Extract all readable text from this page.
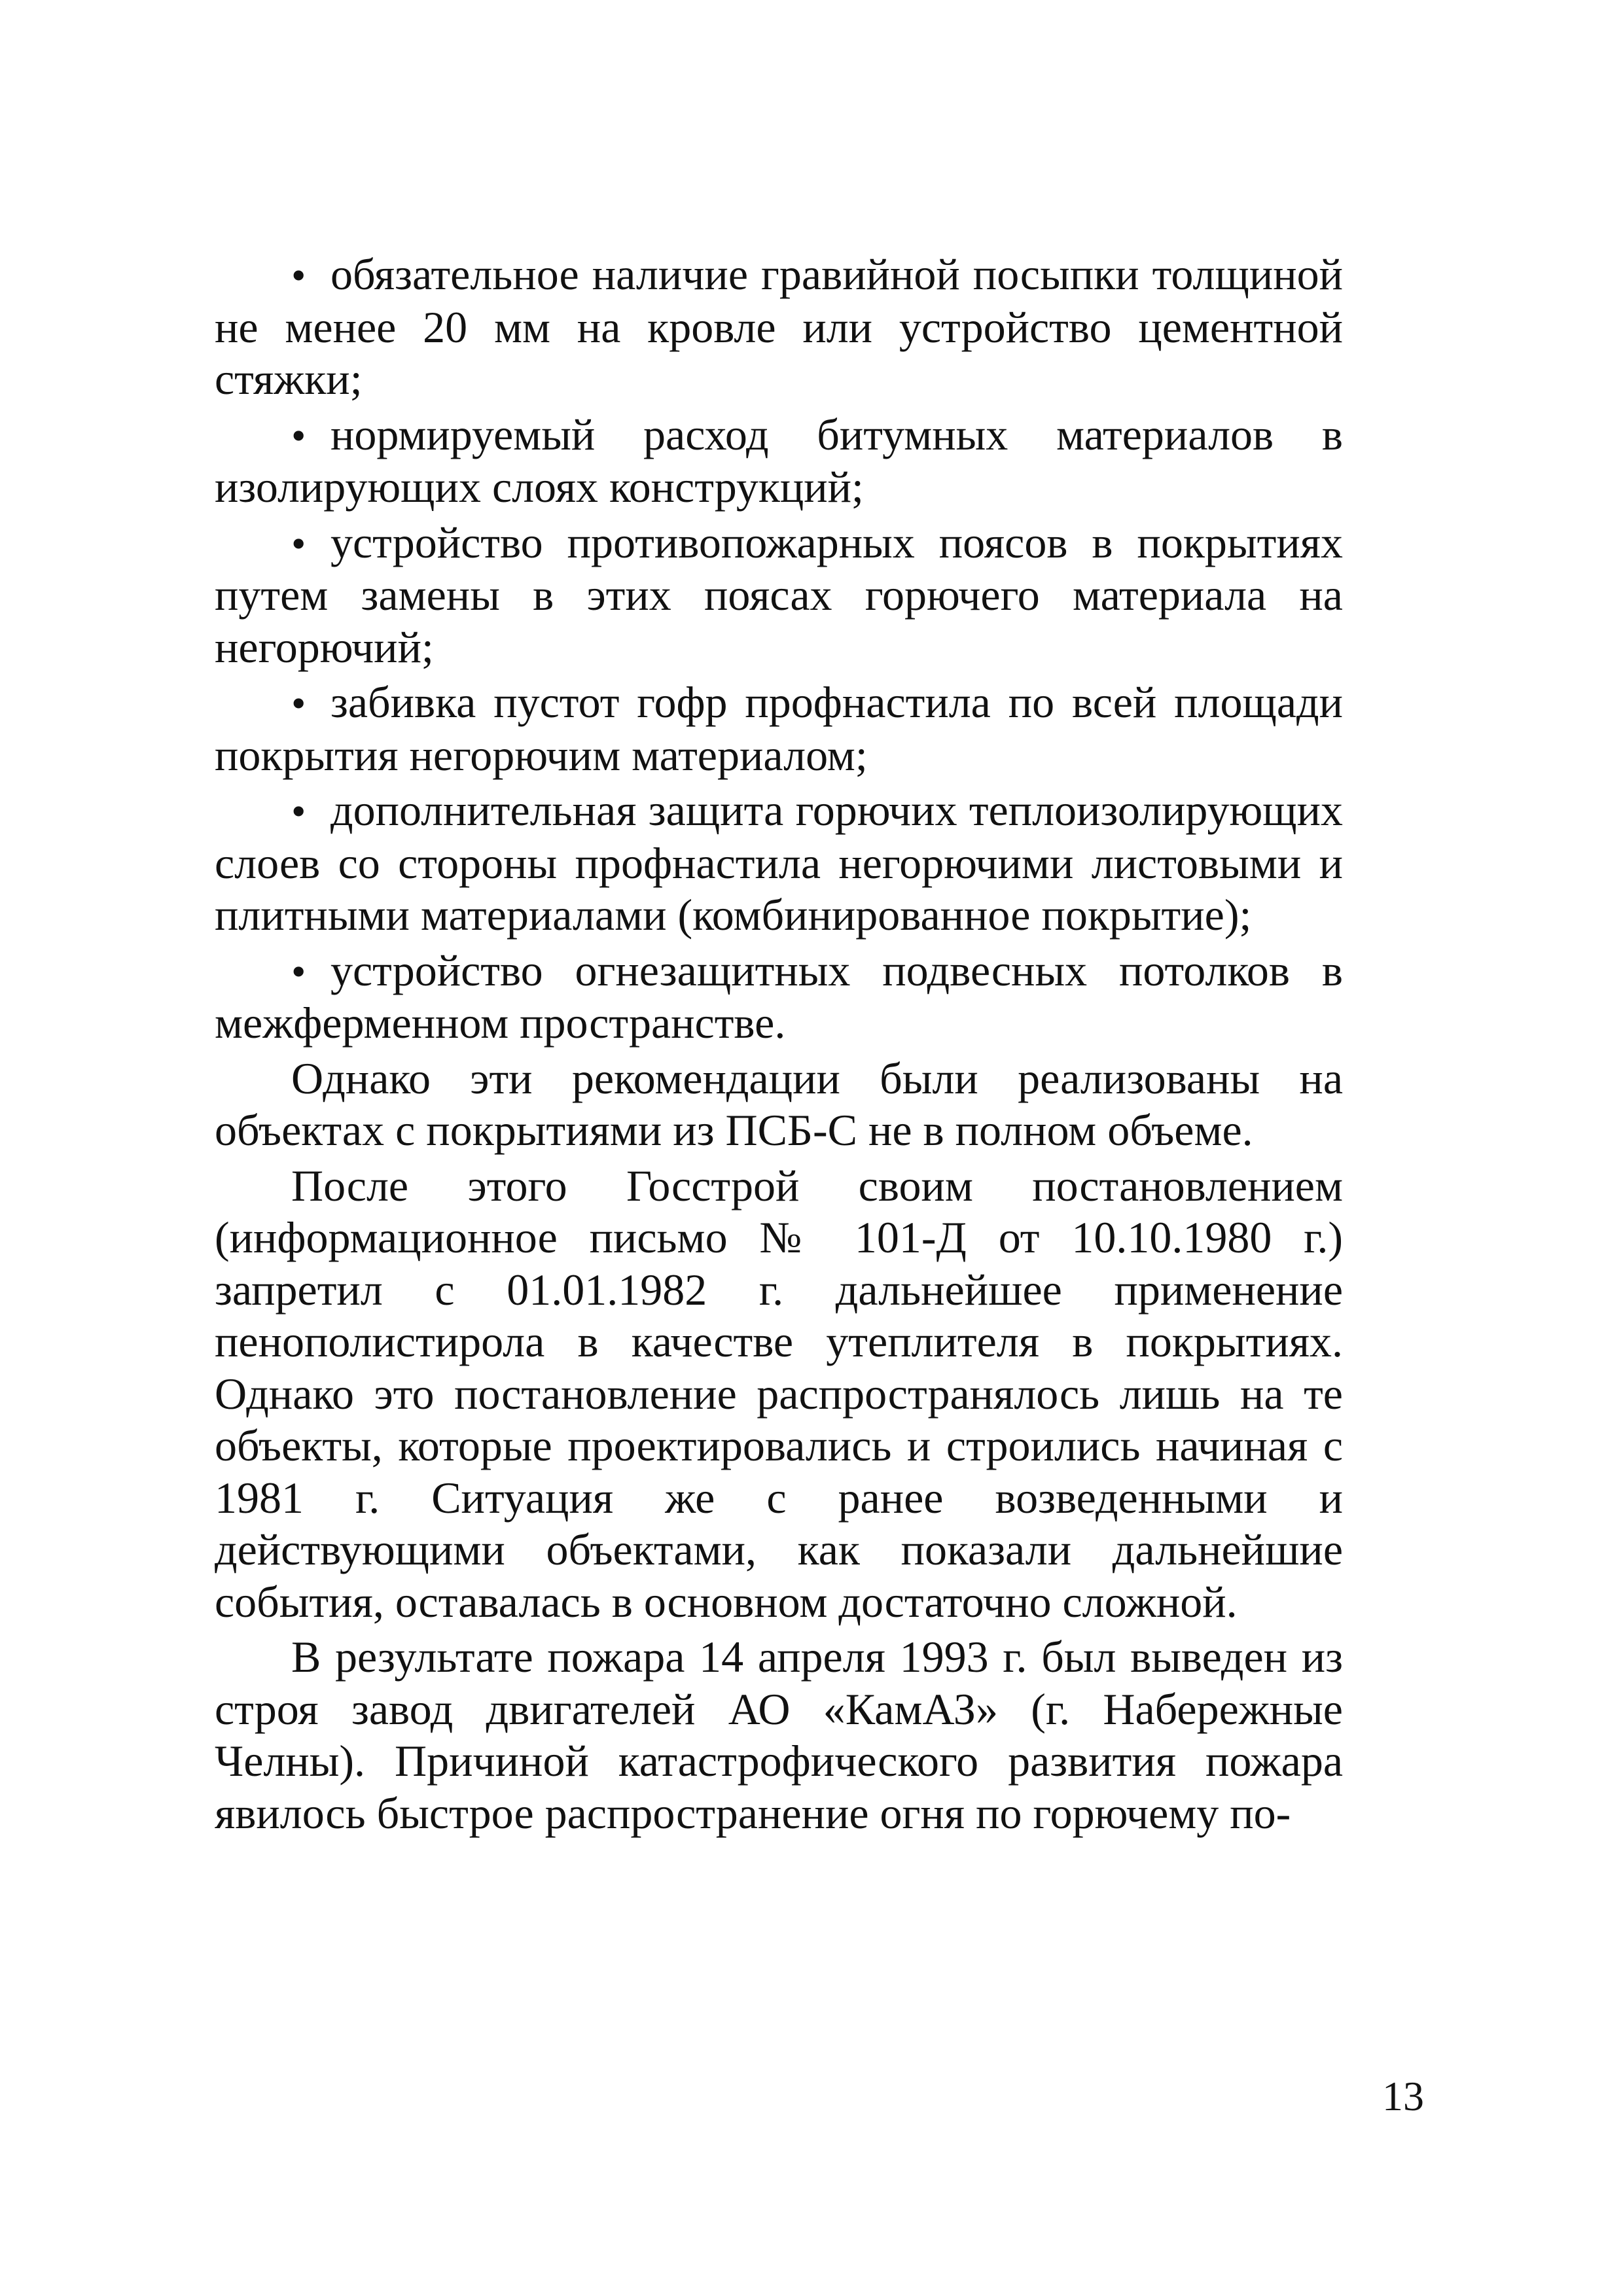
• обязательное наличие гравийной посыпки толщиной не менее 20 мм на кровле или устройство цементной стяжки;
• нормируемый расход битумных материалов в изолирующих слоях конструкций;
• устройство противопожарных поясов в покрытиях путем замены в этих поясах горючего материала на негорючий;
• забивка пустот гофр профнастила по всей площади покрытия негорючим материалом;
• дополнительная защита горючих теплоизолирующих слоев со стороны профнастила негорючими листовыми и плитными материалами (комбинированное покрытие);
• устройство огнезащитных подвесных потолков в межферменном пространстве.

Однако эти рекомендации были реализованы на объектах с покрытиями из ПСБ-С не в полном объеме.

После этого Госстрой своим постановлением (информационное письмо № 101-Д от 10.10.1980 г.) запретил с 01.01.1982 г. дальнейшее применение пенополистирола в качестве утеплителя в покрытиях. Однако это постановление распространялось лишь на те объекты, которые проектировались и строились начиная с 1981 г. Ситуация же с ранее возведенными и действующими объектами, как показали дальнейшие события, оставалась в основном достаточно сложной.

В результате пожара 14 апреля 1993 г. был выведен из строя завод двигателей АО «КамАЗ» (г. Набережные Челны). Причиной катастрофического развития пожара явилось быстрое распространение огня по горючему по-

13
